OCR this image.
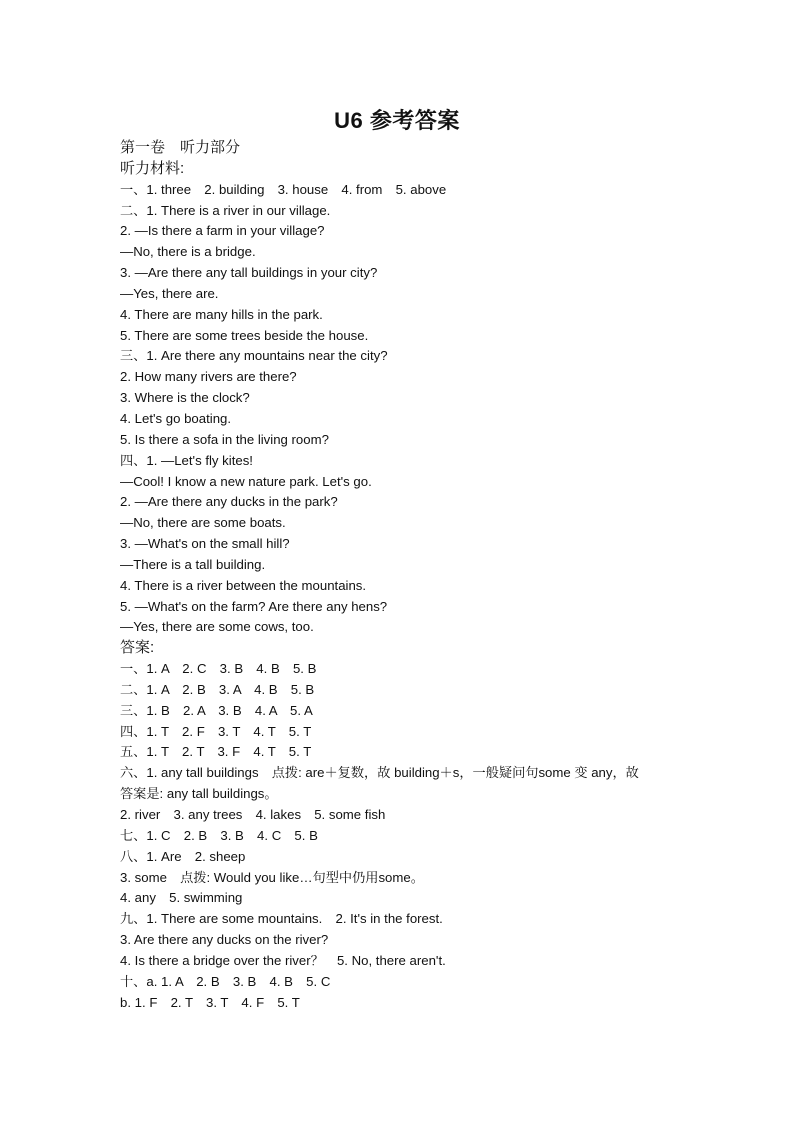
U6 参考答案
第一卷　听力部分
听力材料:
一、1. three　2. building　3. house　4. from　5. above
二、1. There is a river in our village.
2. —Is there a farm in your village?
—No, there is a bridge.
3. —Are there any tall buildings in your city?
—Yes, there are.
4. There are many hills in the park.
5. There are some trees beside the house.
三、1. Are there any mountains near the city?
2. How many rivers are there?
3. Where is the clock?
4. Let's go boating.
5. Is there a sofa in the living room?
四、1. —Let's fly kites!
—Cool! I know a new nature park. Let's go.
2. —Are there any ducks in the park?
—No, there are some boats.
3. —What's on the small hill?
—There is a tall building.
4. There is a river between the mountains.
5. —What's on the farm? Are there any hens?
—Yes, there are some cows, too.
答案:
一、1. A　2. C　3. B　4. B　5. B
二、1. A　2. B　3. A　4. B　5. B
三、1. B　2. A　3. B　4. A　5. A
四、1. T　2. F　3. T　4. T　5. T
五、1. T　2. T　3. F　4. T　5. T
六、1. any tall buildings　点拨: are＋复数，故 building＋s，一般疑问句some 变 any，故
答案是: any tall buildings。
2. river　3. any trees　4. lakes　5. some fish
七、1. C　2. B　3. B　4. C　5. B
八、1. Are　2. sheep
3. some　点拨: Would you like…句型中仍用some。
4. any　5. swimming
九、1. There are some mountains.　2. It's in the forest.
3. Are there any ducks on the river?
4. Is there a bridge over the river？　5. No, there aren't.
十、a. 1. A　2. B　3. B　4. B　5. C
b. 1. F　2. T　3. T　4. F　5. T
